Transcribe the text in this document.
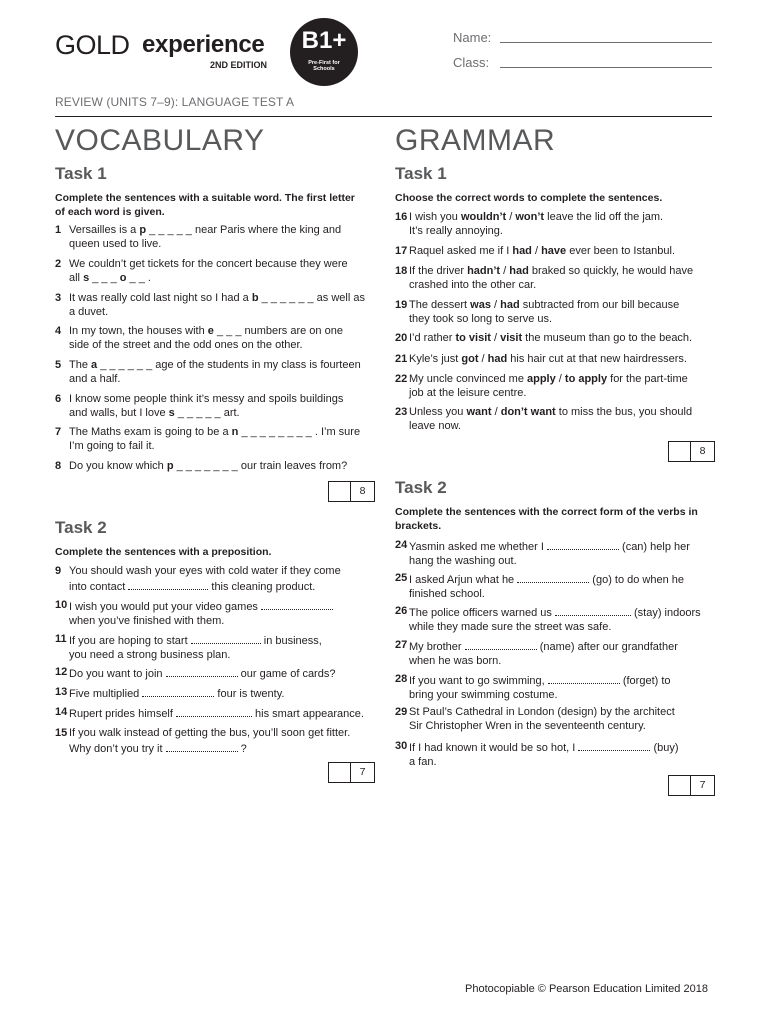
GOLD experience
2ND EDITION
B1+
Pre-First for Schools
Name:
Class:
REVIEW (UNITS 7–9): LANGUAGE TEST A
VOCABULARY	GRAMMAR
Task 1
Complete the sentences with a suitable word. The first letter of each word is given.
1 Versailles is a p _ _ _ _ _ near Paris where the king and
queen used to live.
2 We couldn’t get tickets for the concert because they were
all s _ _ _ o _ _ .
3 It was really cold last night so I had a b _ _ _ _ _ _ as well as
a duvet.
4 In my town, the houses with e _ _ _ numbers are on one
side of the street and the odd ones on the other.
5 The a _ _ _ _ _ _ age of the students in my class is fourteen
and a half.
6 I know some people think it’s messy and spoils buildings
and walls, but I love s _ _ _ _ _ art.
7 The Maths exam is going to be a n _ _ _ _ _ _ _ _ . I’m sure
I’m going to fail it.
8 Do you know which p _ _ _ _ _ _ _ our train leaves from?
8
Task 2
Complete the sentences with a preposition.
9 You should wash your eyes with cold water if they come
into contact	this cleaning product.
10 I wish you would put your video games
when you’ve finished with them.
11 If you are hoping to start	in business,
you need a strong business plan.
12 Do you want to join	our game of cards?
13 Five multiplied	four is twenty.
14 Rupert prides himself	his smart appearance.
15 If you walk instead of getting the bus, you’ll soon get fitter.
Why don’t you try it	?
7
Task 1
Choose the correct words to complete the sentences.
16 I wish you wouldn’t / won’t leave the lid off the jam.
It’s really annoying.
17 Raquel asked me if I had / have ever been to Istanbul.
18 If the driver hadn’t / had braked so quickly, he would have
crashed into the other car.
19 The dessert was / had subtracted from our bill because
they took so long to serve us.
20 I’d rather to visit / visit the museum than go to the beach.
21 Kyle’s just got / had his hair cut at that new hairdressers.
22 My uncle convinced me apply / to apply for the part-time
job at the leisure centre.
23 Unless you want / don’t want to miss the bus, you should
leave now.
8
Task 2
Complete the sentences with the correct form of the verbs in brackets.
24 Yasmin asked me whether I	(can) help her
hang the washing out.
25 I asked Arjun what he	(go) to do when he
finished school.
26 The police officers warned us	(stay) indoors
while they made sure the street was safe.
27 My brother	(name) after our grandfather
when he was born.
28 If you want to go swimming,	(forget) to
bring your swimming costume.
29 St Paul’s Cathedral in London (design) by the architect
Sir Christopher Wren in the seventeenth century.
30 If I had known it would be so hot, I	(buy)
a fan.
7
Photocopiable © Pearson Education Limited 2018
